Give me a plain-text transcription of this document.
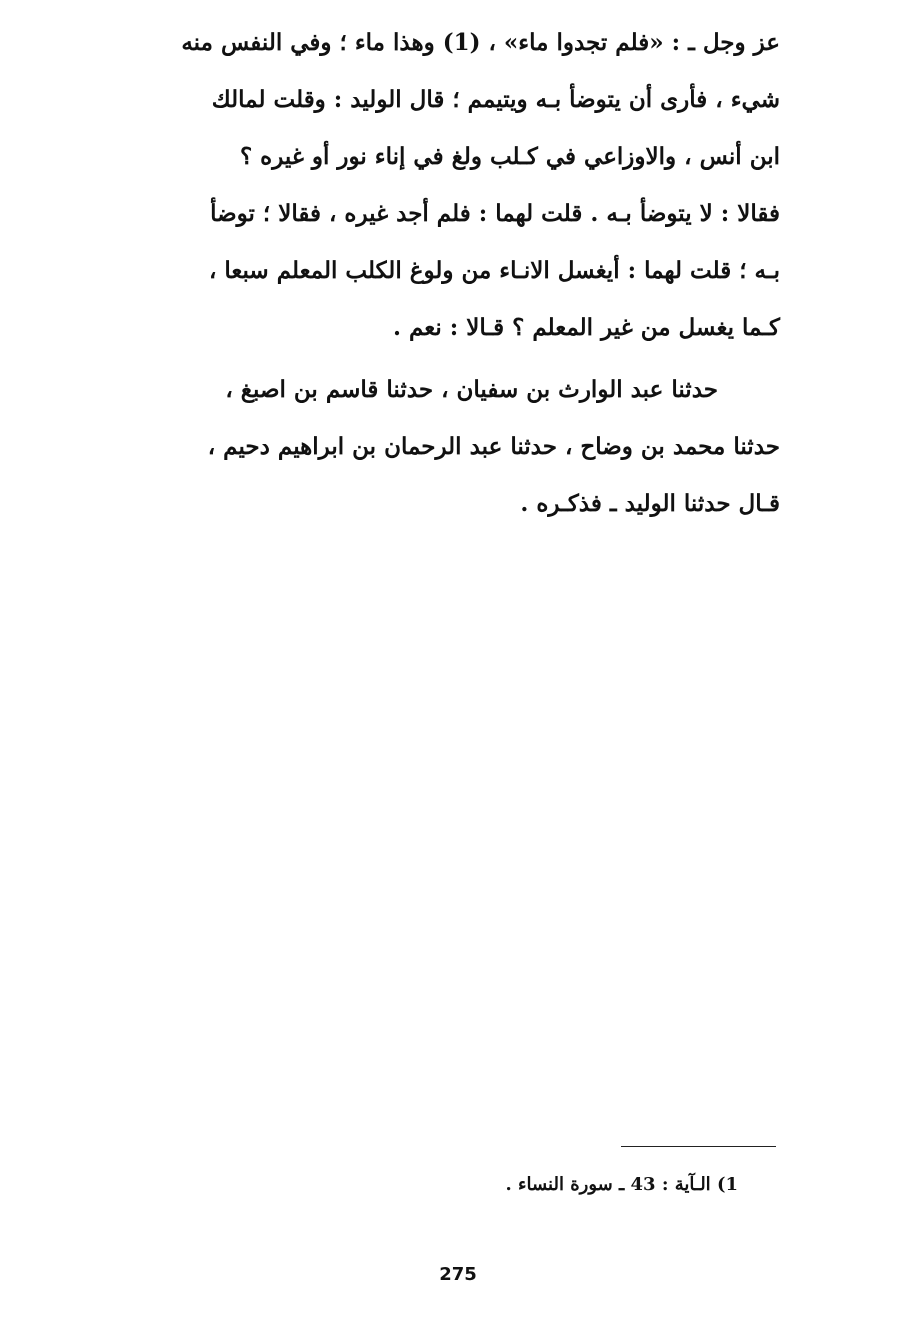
عز وجل ـ : «فلم تجدوا ماء» ، (1) وهذا ماء ؛ وفي النفس منه
شيء ، فأرى أن يتوضأ بـه ويتيمم ؛ قال الوليد : وقلت لمالك
ابن أنس ، والاوزاعي في كـلب ولغ في إناء نور أو غيره ؟
فقالا : لا يتوضأ بـه . قلت لهما : فلم أجد غيره ، فقالا ؛ توضأ
بـه ؛ قلت لهما : أيغسل الانـاء من ولوغ الكلب المعلم سبعا ،
كـما يغسل من غير المعلم ؟ قـالا : نعم .
حدثنا عبد الوارث بن سفيان ، حدثنا قاسم بن اصبغ ،
حدثنا محمد بن وضاح ، حدثنا عبد الرحمان بن ابراهيم دحيم ،
قـال حدثنا الوليد ـ فذكـره .
1) الـآية : 43 ـ سورة النساء .
275
